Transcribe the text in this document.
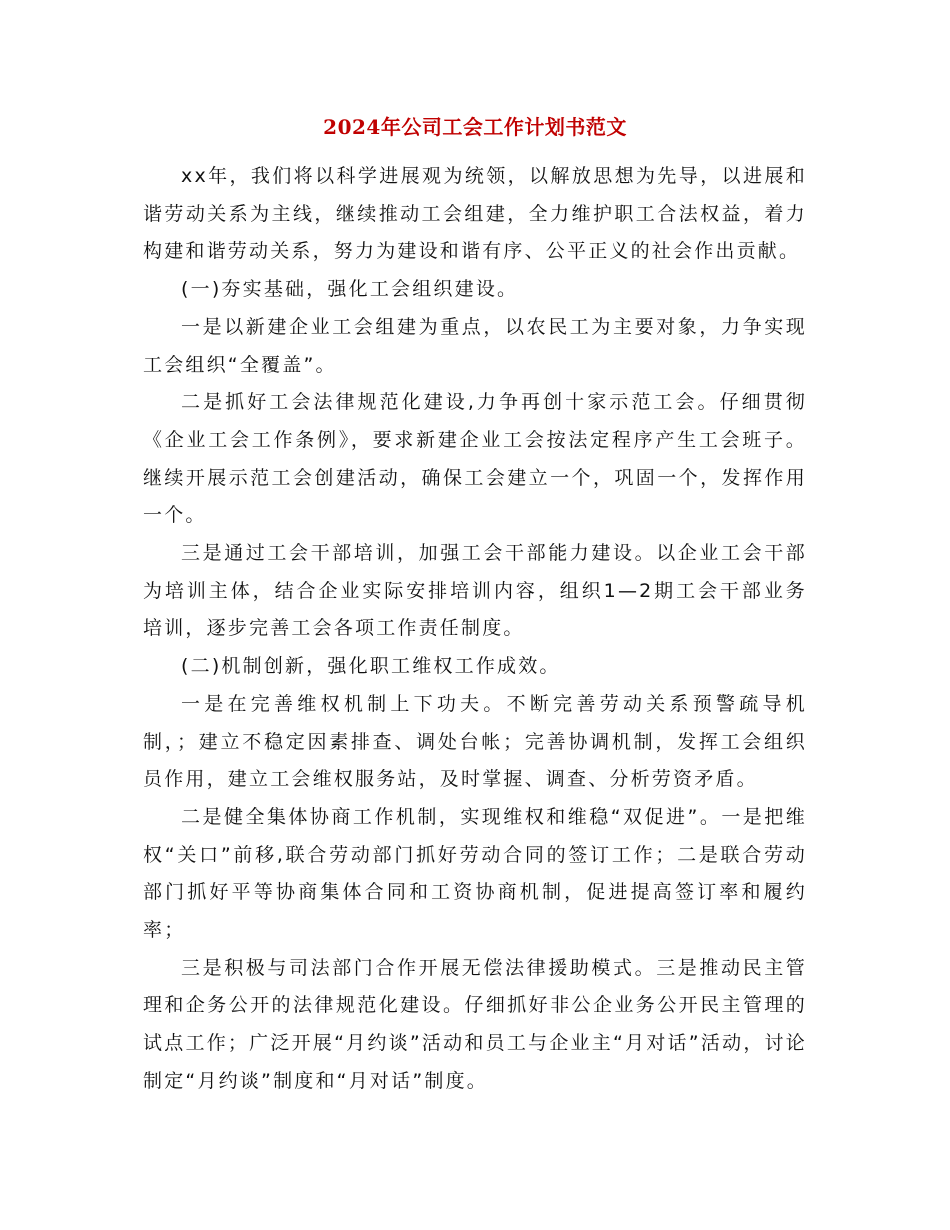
2024年公司工会工作计划书范文

xx年，我们将以科学进展观为统领，以解放思想为先导，以进展和谐劳动关系为主线，继续推动工会组建，全力维护职工合法权益，着力构建和谐劳动关系，努力为建设和谐有序、公平正义的社会作出贡献。

(一)夯实基础，强化工会组织建设。

一是以新建企业工会组建为重点，以农民工为主要对象，力争实现工会组织“全覆盖”。

二是抓好工会法律规范化建设,力争再创十家示范工会。仔细贯彻《企业工会工作条例》，要求新建企业工会按法定程序产生工会班子。继续开展示范工会创建活动，确保工会建立一个，巩固一个，发挥作用一个。

三是通过工会干部培训，加强工会干部能力建设。以企业工会干部为培训主体，结合企业实际安排培训内容，组织1—2期工会干部业务培训，逐步完善工会各项工作责任制度。

(二)机制创新，强化职工维权工作成效。

一是在完善维权机制上下功夫。不断完善劳动关系预警疏导机制，；建立不稳定因素排查、调处台帐；完善协调机制，发挥工会组织员作用，建立工会维权服务站，及时掌握、调查、分析劳资矛盾。

二是健全集体协商工作机制，实现维权和维稳“双促进”。一是把维权“关口”前移,联合劳动部门抓好劳动合同的签订工作；二是联合劳动部门抓好平等协商集体合同和工资协商机制，促进提高签订率和履约率；

三是积极与司法部门合作开展无偿法律援助模式。三是推动民主管理和企务公开的法律规范化建设。仔细抓好非公企业务公开民主管理的试点工作；广泛开展“月约谈”活动和员工与企业主“月对话”活动，讨论制定“月约谈”制度和“月对话”制度。
